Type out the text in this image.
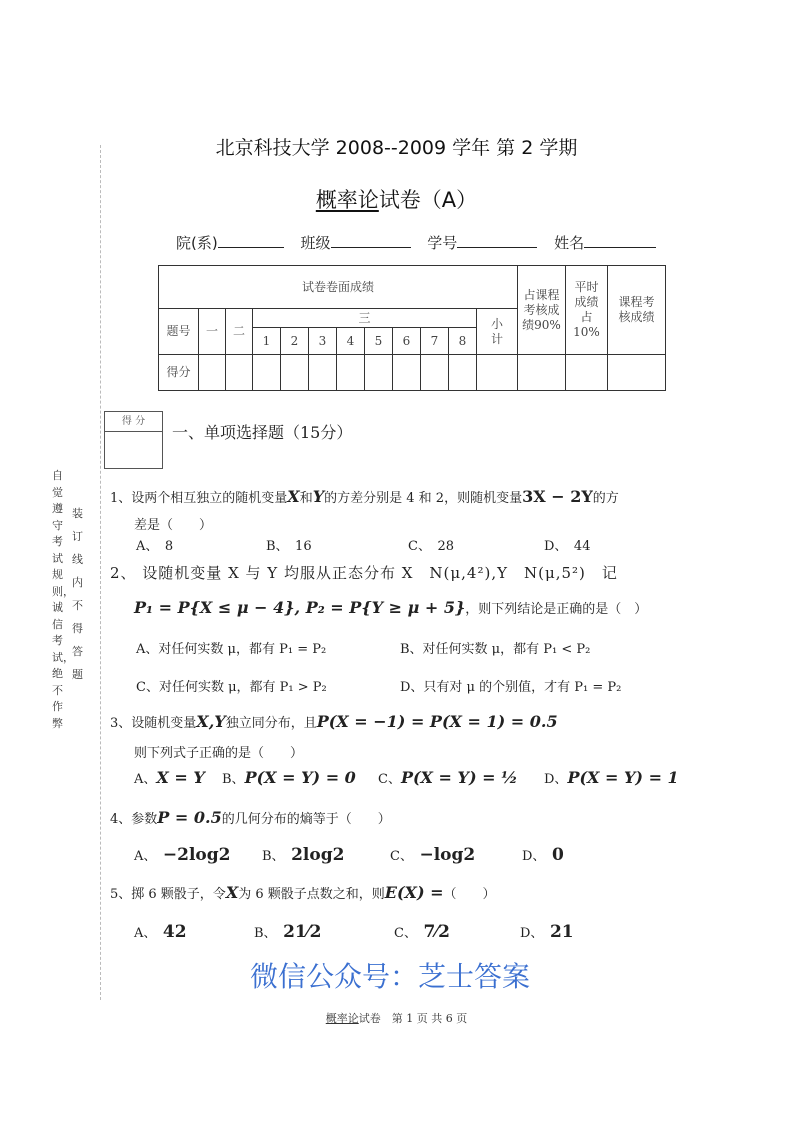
北京科技大学 2008--2009 学年 第 2 学期
概率论试卷（A）
院(系)	班级	学号	姓名
试卷卷面成绩												占课程考核成绩90%	平时成绩占10%	课程考核成绩
题号	一	二	三								小计			
			1	2	3	4	5	6	7	8				
得分														
自觉遵守考试规则，诚信考试，绝不作弊
装订线内不得答题
得 分
一、单项选择题（15分）
1、设两个相互独立的随机变量X和Y的方差分别是 4 和 2，则随机变量3X − 2Y的方
差是（　　）
A、　8	B、　16	C、　28	D、　44
2、 设随机变量 X 与 Y 均服从正态分布 X　N(μ,4²),Y　N(μ,5²)　记
P₁ = P{X ≤ μ − 4}, P₂ = P{Y ≥ μ + 5}，则下列结论是正确的是（　）
A、对任何实数 μ，都有 P₁ = P₂	B、对任何实数 μ，都有 P₁ < P₂
C、对任何实数 μ，都有 P₁ > P₂	D、只有对 μ 的个别值，才有 P₁ = P₂
3、设随机变量X,Y独立同分布，且P(X = −1) = P(X = 1) = 0.5
则下列式子正确的是（　　）
A、X = Y B、P(X = Y) = 0 C、P(X = Y) = ½ D、P(X = Y) = 1
4、参数P = 0.5的几何分布的熵等于（　　）
A、　 −2log2 B、　 2log2	C、　 −log2	D、　 0
5、掷 6 颗骰子，令X为 6 颗骰子点数之和，则E(X) =（　　）
A、　 42	B、　 21⁄2	C、　 7⁄2	D、　 21
微信公众号：芝士答案
概率论试卷　第 1 页 共 6 页
